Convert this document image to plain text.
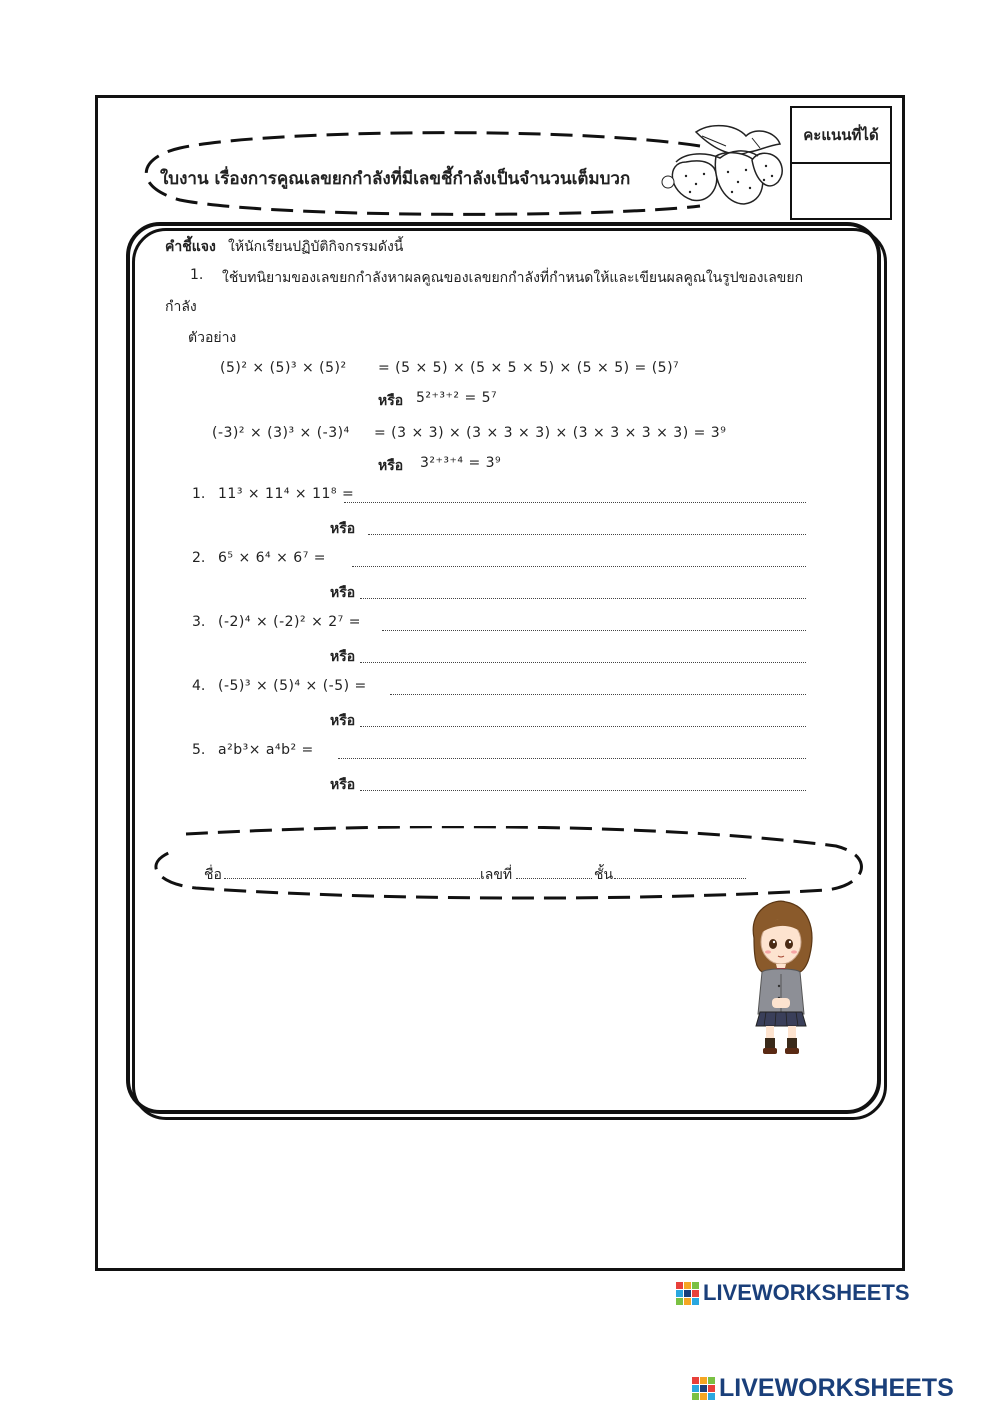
คะแนนที่ได้
ใบงาน เรื่องการคูณเลขยกกำลังที่มีเลขชี้กำลังเป็นจำนวนเต็มบวก
คำชี้แจง ให้นักเรียนปฏิบัติกิจกรรมดังนี้
1. ใช้บทนิยามของเลขยกกำลังหาผลคูณของเลขยกกำลังที่กำหนดให้และเขียนผลคูณในรูปของเลขยก
กำลัง
ตัวอย่าง
(5)² × (5)³ × (5)² = (5 × 5) × (5 × 5 × 5) × (5 × 5) = (5)⁷
หรือ 5²⁺³⁺² = 5⁷
(-3)² × (3)³ × (-3)⁴ = (3 × 3) × (3 × 3 × 3) × (3 × 3 × 3 × 3) = 3⁹
หรือ 3²⁺³⁺⁴ = 3⁹
1. 11³ × 11⁴ × 11⁸ =
หรือ
2. 6⁵ × 6⁴ × 6⁷ =
หรือ
3. (-2)⁴ × (-2)² × 2⁷ =
หรือ
4. (-5)³ × (5)⁴ × (-5) =
หรือ
5. a²b³× a⁴b² =
หรือ
ชื่อ	เลขที่	ชั้น
LIVEWORKSHEETS
LIVEWORKSHEETS
